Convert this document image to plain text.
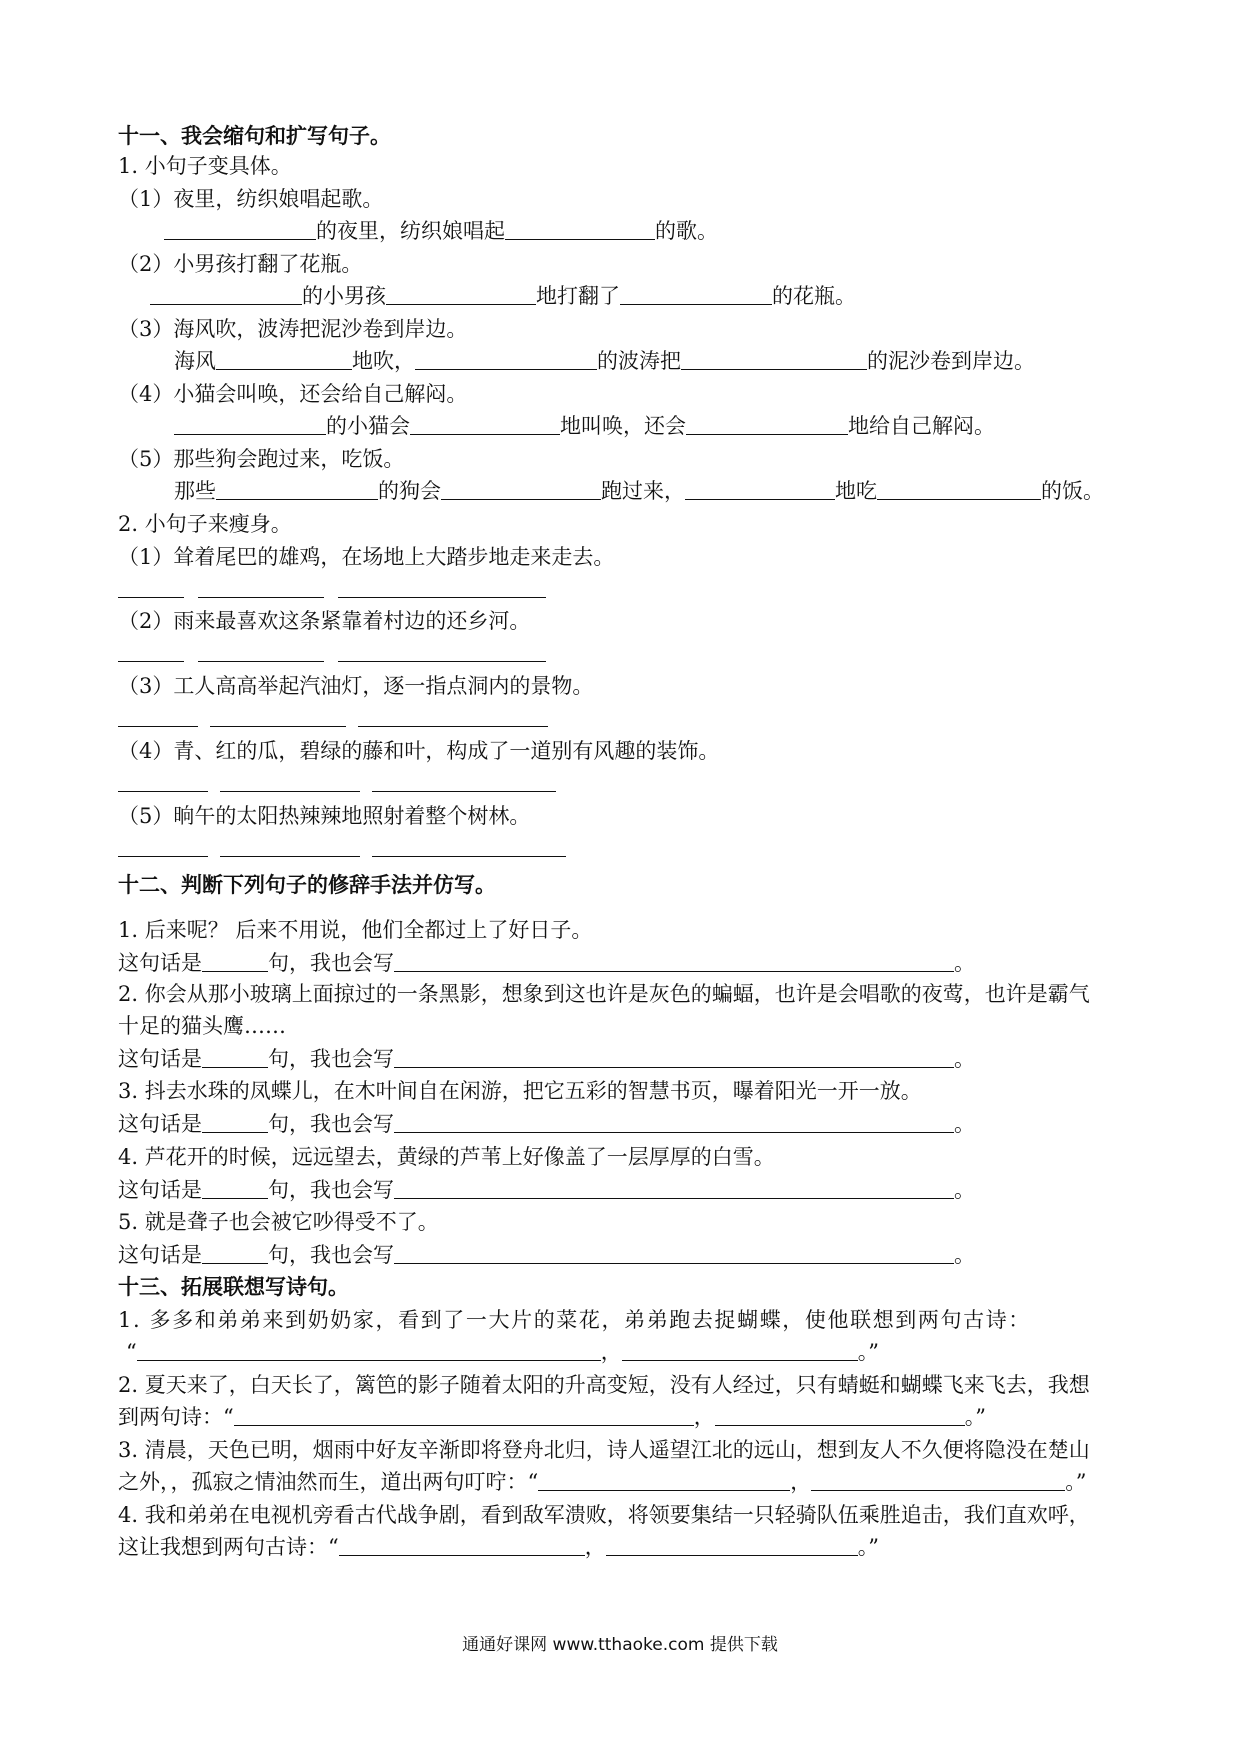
十一、我会缩句和扩写句子。
1. 小句子变具体。
（1）夜里，纺织娘唱起歌。
的夜里，纺织娘唱起	的歌。
（2）小男孩打翻了花瓶。
的小男孩	地打翻了	的花瓶。
（3）海风吹，波涛把泥沙卷到岸边。
海风	地吹，	的波涛把	的泥沙卷到岸边。
（4）小猫会叫唤，还会给自己解闷。
的小猫会	地叫唤，还会	地给自己解闷。
（5）那些狗会跑过来，吃饭。
那些	的狗会	跑过来，	地吃	的饭。
2. 小句子来瘦身。
（1）耸着尾巴的雄鸡，在场地上大踏步地走来走去。
（2）雨来最喜欢这条紧靠着村边的还乡河。
（3）工人高高举起汽油灯，逐一指点洞内的景物。
（4）青、红的瓜，碧绿的藤和叶，构成了一道别有风趣的装饰。
（5）晌午的太阳热辣辣地照射着整个树林。
十二、判断下列句子的修辞手法并仿写。
1. 后来呢？ 后来不用说，他们全都过上了好日子。
这句话是	句，我也会写	。
2. 你会从那小玻璃上面掠过的一条黑影，想象到这也许是灰色的蝙蝠，也许是会唱歌的夜莺，也许是霸气
十足的猫头鹰……
这句话是	句，我也会写	。
3. 抖去水珠的凤蝶儿，在木叶间自在闲游，把它五彩的智慧书页，曝着阳光一开一放。
这句话是	句，我也会写	。
4. 芦花开的时候，远远望去，黄绿的芦苇上好像盖了一层厚厚的白雪。
这句话是	句，我也会写	。
5. 就是聋子也会被它吵得受不了。
这句话是	句，我也会写	。
十三、拓展联想写诗句。
1. 多多和弟弟来到奶奶家，看到了一大片的菜花，弟弟跑去捉蝴蝶，使他联想到两句古诗：
“	，	。”
2. 夏天来了，白天长了，篱笆的影子随着太阳的升高变短，没有人经过，只有蜻蜓和蝴蝶飞来飞去，我想
到两句诗：“	，	。”
3. 清晨，天色已明，烟雨中好友辛渐即将登舟北归，诗人遥望江北的远山，想到友人不久便将隐没在楚山
之外，，孤寂之情油然而生，道出两句叮咛：“	，	。”
4. 我和弟弟在电视机旁看古代战争剧，看到敌军溃败，将领要集结一只轻骑队伍乘胜追击，我们直欢呼，
这让我想到两句古诗：“	，	。”
通通好课网 www.tthaoke.com 提供下载
